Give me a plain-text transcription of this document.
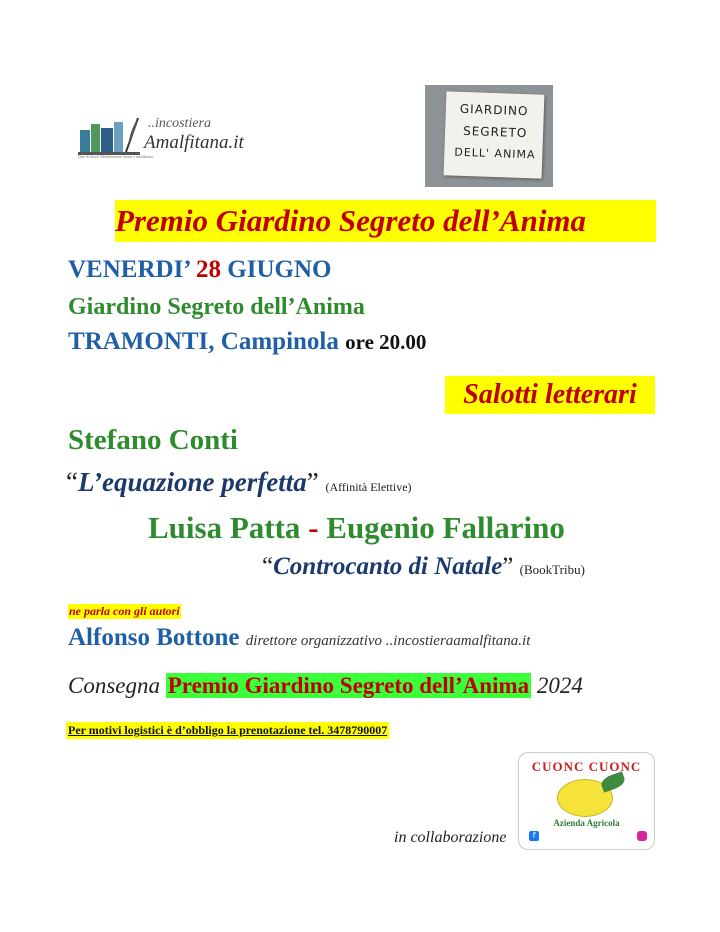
..incostiera
Amalfitana.it
Due di Storie Mediterranee Storie e amalfitana
GIARDINO
SEGRETO
DELL' ANIMA
Premio Giardino Segreto dell’Anima
VENERDI’ 28 GIUGNO
Giardino Segreto dell’Anima
TRAMONTI, Campinola ore 20.00
Salotti letterari
Stefano Conti
“L’equazione perfetta” (Affinità Elettive)
Luisa Patta - Eugenio Fallarino
“Controcanto di Natale” (BookTribu)
ne parla con gli autori
Alfonso Bottone direttore organizzativo ..incostieraamalfitana.it
Consegna Premio Giardino Segreto dell’Anima 2024
Per motivi logistici è d’obbligo la prenotazione tel. 3478790007
in collaborazione
CUONC CUONC
Azienda Agricola
f
